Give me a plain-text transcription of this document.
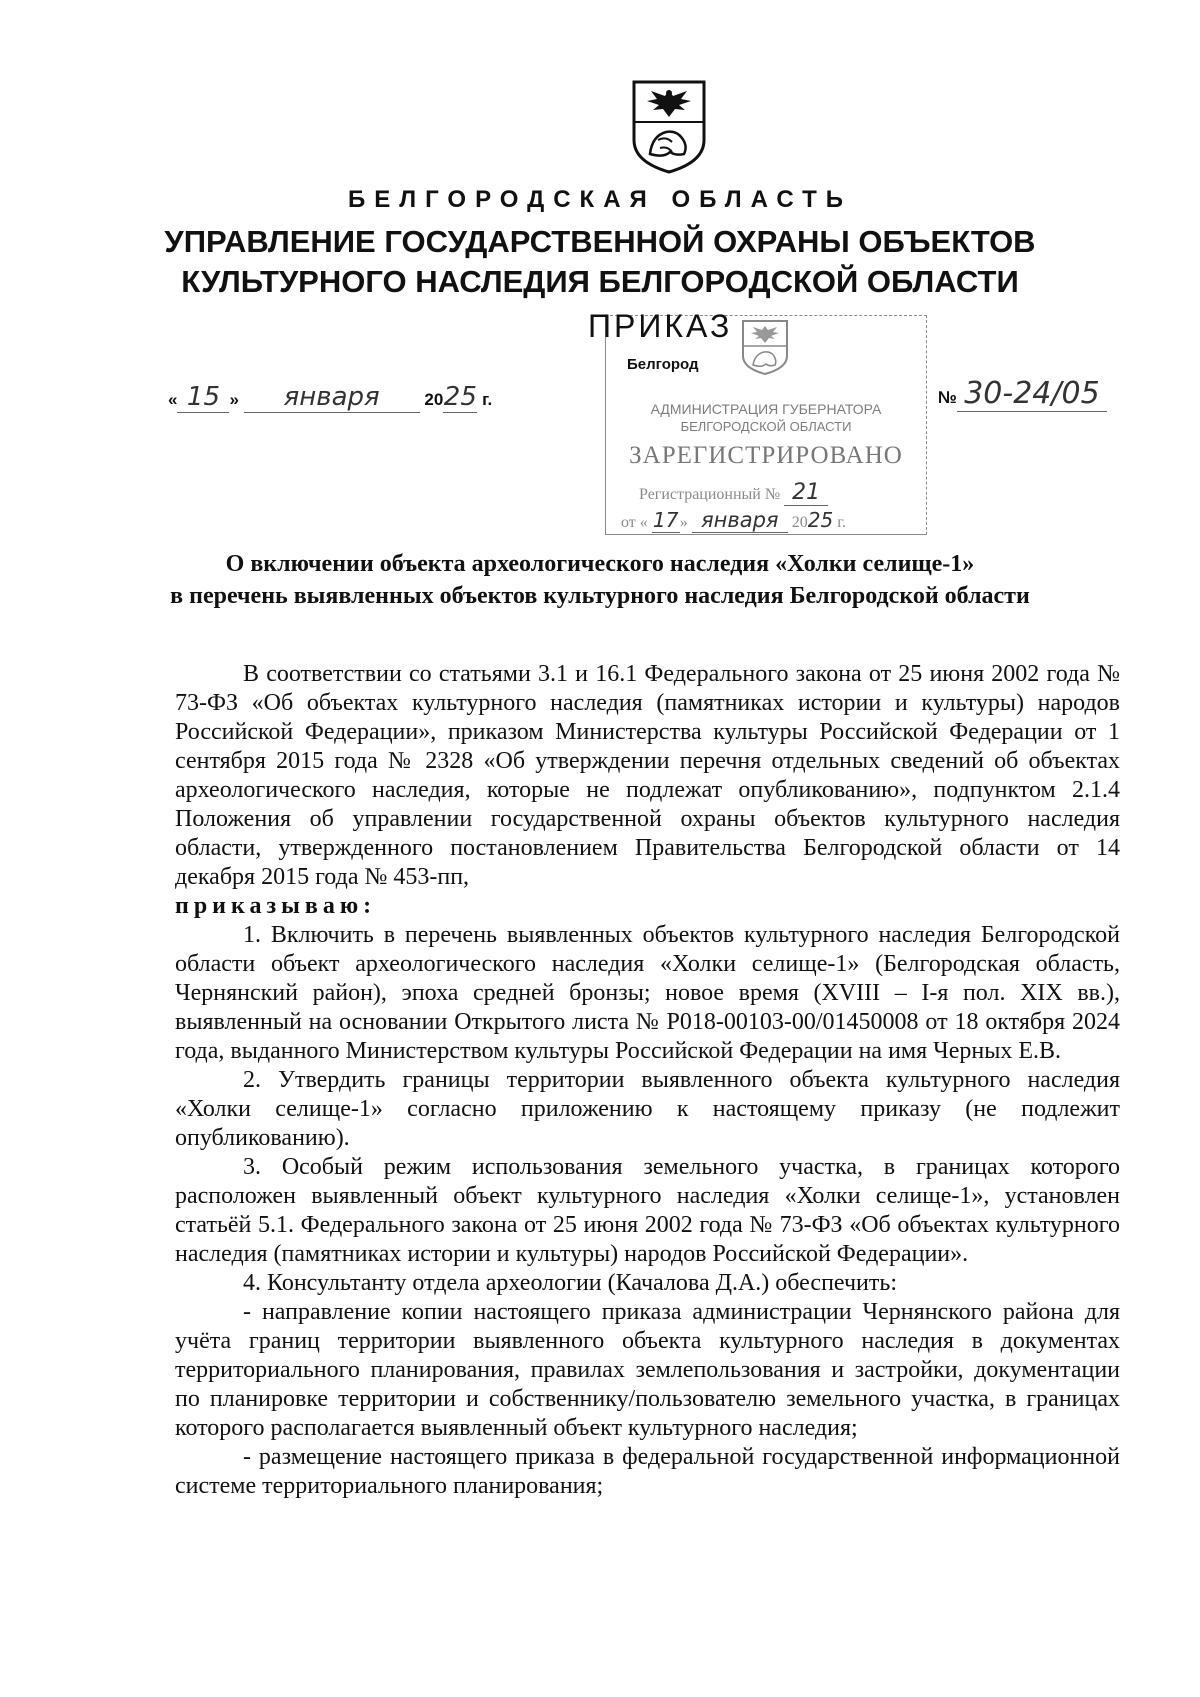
БЕЛГОРОДСКАЯ ОБЛАСТЬ
УПРАВЛЕНИЕ ГОСУДАРСТВЕННОЙ ОХРАНЫ ОБЪЕКТОВ
КУЛЬТУРНОГО НАСЛЕДИЯ БЕЛГОРОДСКОЙ ОБЛАСТИ
АДМИНИСТРАЦИЯ ГУБЕРНАТОРА
БЕЛГОРОДСКОЙ ОБЛАСТИ
ЗАРЕГИСТРИРОВАНО
Регистрационный № 21
от « 17» января 2025 г.
ПРИКАЗ
Белгород
« 15 » января	2025 г.	№ 30-24/05
О включении объекта археологического наследия «Холки селище-1»
в перечень выявленных объектов культурного наследия Белгородской области

В соответствии со статьями 3.1 и 16.1 Федерального закона от 25 июня 2002 года № 73-ФЗ «Об объектах культурного наследия (памятниках истории и культуры) народов Российской Федерации», приказом Министерства культуры Российской Федерации от 1 сентября 2015 года № 2328 «Об утверждении перечня отдельных сведений об объектах археологического наследия, которые не подлежат опубликованию», подпунктом 2.1.4 Положения об управлении государственной охраны объектов культурного наследия области, утвержденного постановлением Правительства Белгородской области от 14 декабря 2015 года № 453-пп,

приказываю:

1. Включить в перечень выявленных объектов культурного наследия Белгородской области объект археологического наследия «Холки селище-1» (Белгородская область, Чернянский район), эпоха средней бронзы; новое время (XVIII – I-я пол. XIX вв.), выявленный на основании Открытого листа № Р018-00103-00/01450008 от 18 октября 2024 года, выданного Министерством культуры Российской Федерации на имя Черных Е.В.

2. Утвердить границы территории выявленного объекта культурного наследия «Холки селище-1» согласно приложению к настоящему приказу (не подлежит опубликованию).

3. Особый режим использования земельного участка, в границах которого расположен выявленный объект культурного наследия «Холки селище-1», установлен статьёй 5.1. Федерального закона от 25 июня 2002 года № 73-ФЗ «Об объектах культурного наследия (памятниках истории и культуры) народов Российской Федерации».

4. Консультанту отдела археологии (Качалова Д.А.) обеспечить:

- направление копии настоящего приказа администрации Чернянского района для учёта границ территории выявленного объекта культурного наследия в документах территориального планирования, правилах землепользования и застройки, документации по планировке территории и собственнику/пользователю земельного участка, в границах которого располагается выявленный объект культурного наследия;

- размещение настоящего приказа в федеральной государственной информационной системе территориального планирования;
